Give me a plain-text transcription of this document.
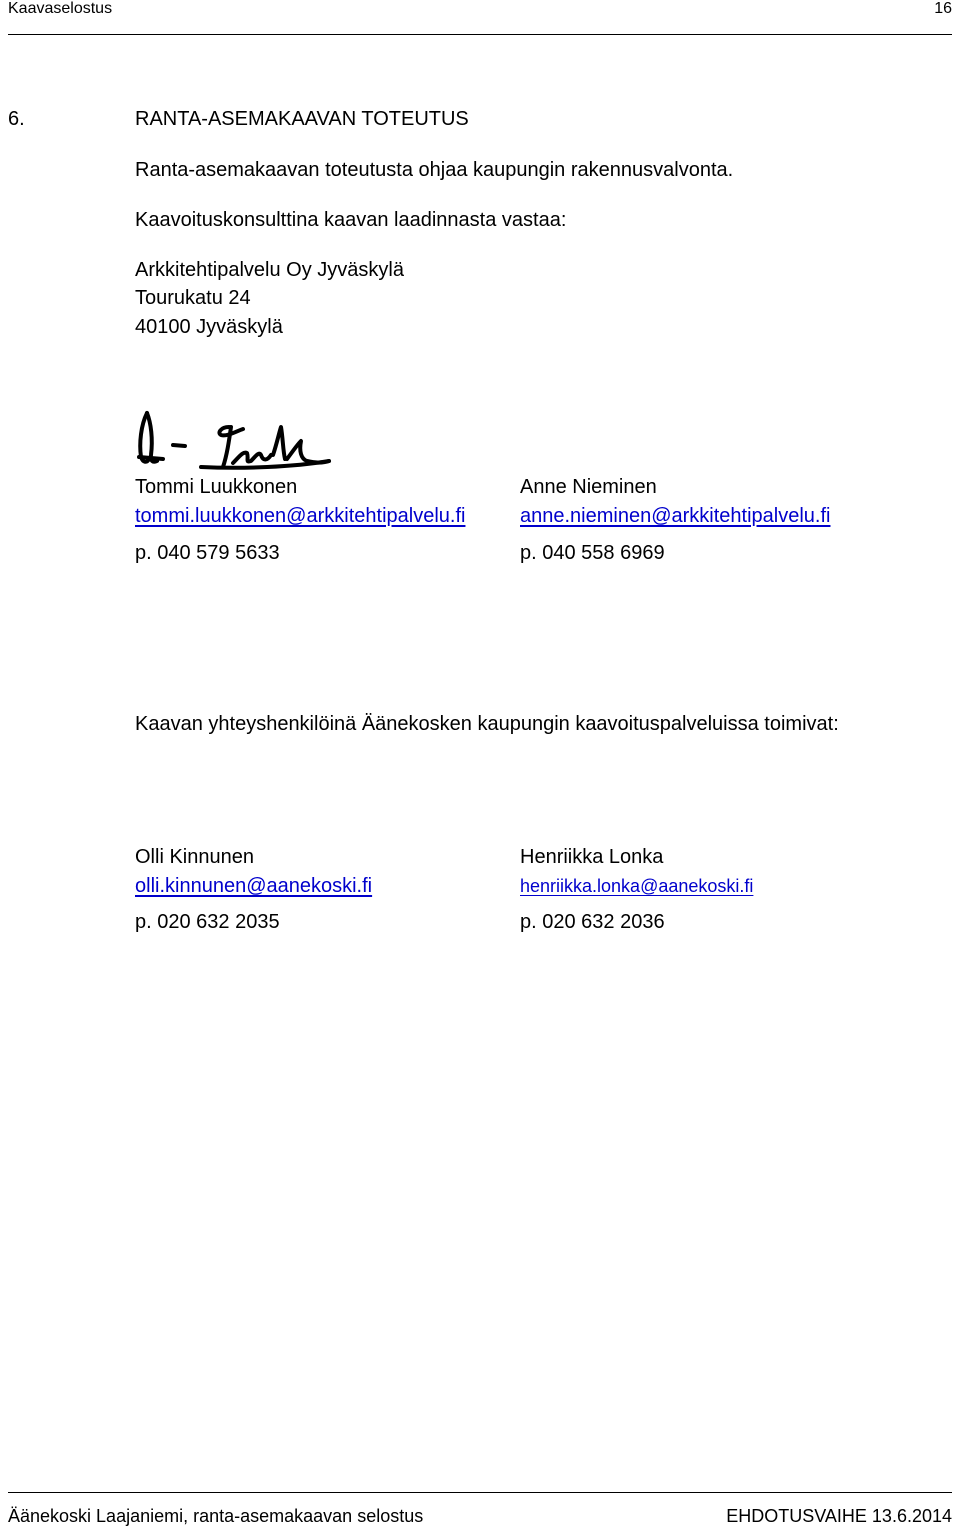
Kaavaselostus	16
6.	RANTA-ASEMAKAAVAN TOTEUTUS
Ranta-asemakaavan toteutusta ohjaa kaupungin rakennusvalvonta.
Kaavoituskonsulttina kaavan laadinnasta vastaa:
Arkkitehtipalvelu Oy Jyväskylä
Tourukatu 24
40100 Jyväskylä
Tommi Luukkonen
tommi.luukkonen@arkkitehtipalvelu.fi
p. 040 579 5633
Anne Nieminen
anne.nieminen@arkkitehtipalvelu.fi
p. 040 558 6969
Kaavan yhteyshenkilöinä Äänekosken kaupungin kaavoituspalveluissa toimivat:
Olli Kinnunen
olli.kinnunen@aanekoski.fi
p. 020 632 2035
Henriikka Lonka
henriikka.lonka@aanekoski.fi
p. 020 632 2036
Äänekoski Laajaniemi, ranta-asemakaavan selostus	EHDOTUSVAIHE 13.6.2014
